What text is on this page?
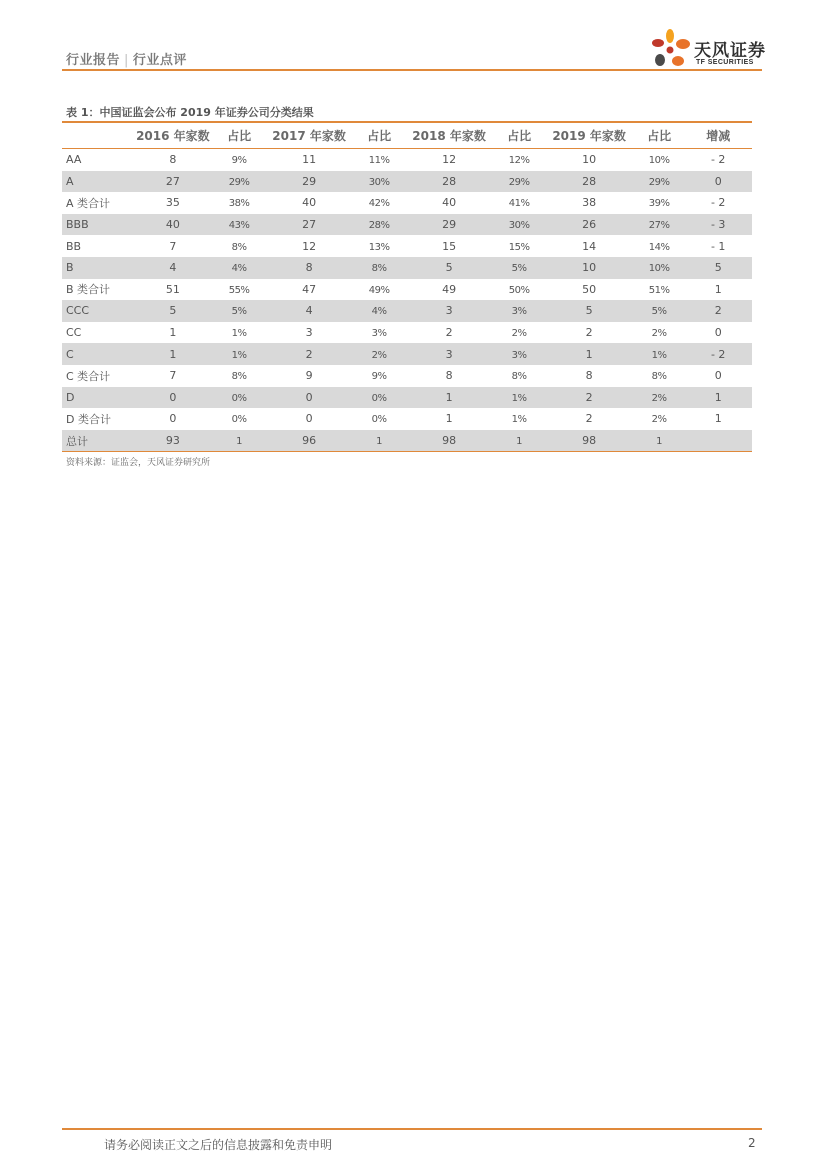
行业报告 | 行业点评	天风证券
TF SECURITIES
表 1：中国证监会公布 2019 年证券公司分类结果
	2016 年家数	占比	2017 年家数	占比	2018 年家数	占比	2019 年家数	占比	增减
AA	8	9%	11	11%	12	12%	10	10%	- 2
A	27	29%	29	30%	28	29%	28	29%	0
A 类合计	35	38%	40	42%	40	41%	38	39%	- 2
BBB	40	43%	27	28%	29	30%	26	27%	- 3
BB	7	8%	12	13%	15	15%	14	14%	- 1
B	4	4%	8	8%	5	5%	10	10%	5
B 类合计	51	55%	47	49%	49	50%	50	51%	1
CCC	5	5%	4	4%	3	3%	5	5%	2
CC	1	1%	3	3%	2	2%	2	2%	0
C	1	1%	2	2%	3	3%	1	1%	- 2
C 类合计	7	8%	9	9%	8	8%	8	8%	0
D	0	0%	0	0%	1	1%	2	2%	1
D 类合计	0	0%	0	0%	1	1%	2	2%	1
总计	93	1	96	1	98	1	98	1	
资料来源：证监会，天风证券研究所
请务必阅读正文之后的信息披露和免责申明	2
